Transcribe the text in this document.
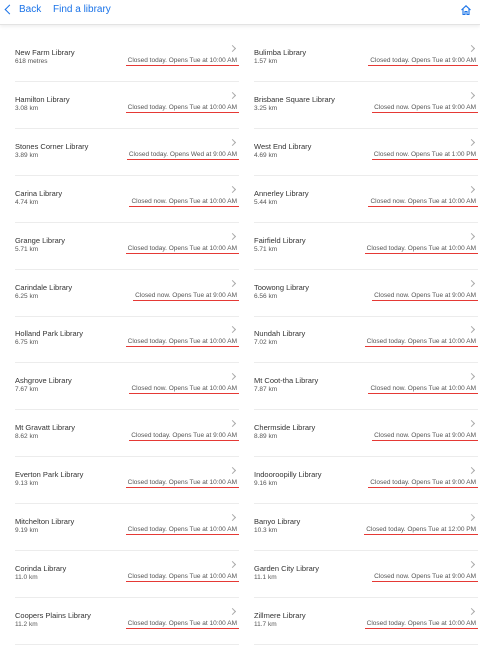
Back Find a library
New Farm Library
618 metres	Closed today. Opens Tue at 10:00 AM
Hamilton Library
3.08 km	Closed today. Opens Tue at 10:00 AM
Stones Corner Library
3.89 km	Closed today. Opens Wed at 9:00 AM
Carina Library
4.74 km	Closed now. Opens Tue at 10:00 AM
Grange Library
5.71 km	Closed today. Opens Tue at 10:00 AM
Carindale Library
6.25 km	Closed now. Opens Tue at 9:00 AM
Holland Park Library
6.75 km	Closed today. Opens Tue at 10:00 AM
Ashgrove Library
7.67 km	Closed now. Opens Tue at 10:00 AM
Mt Gravatt Library
8.62 km	Closed today. Opens Tue at 9:00 AM
Everton Park Library
9.13 km	Closed today. Opens Tue at 10:00 AM
Mitchelton Library
9.19 km	Closed today. Opens Tue at 10:00 AM
Corinda Library
11.0 km	Closed today. Opens Tue at 10:00 AM
Coopers Plains Library
11.2 km	Closed today. Opens Tue at 10:00 AM
Bulimba Library
1.57 km	Closed today. Opens Tue at 9:00 AM
Brisbane Square Library
3.25 km	Closed now. Opens Tue at 9:00 AM
West End Library
4.69 km	Closed now. Opens Tue at 1:00 PM
Annerley Library
5.44 km	Closed now. Opens Tue at 10:00 AM
Fairfield Library
5.71 km	Closed today. Opens Tue at 10:00 AM
Toowong Library
6.56 km	Closed now. Opens Tue at 9:00 AM
Nundah Library
7.02 km	Closed today. Opens Tue at 10:00 AM
Mt Coot-tha Library
7.87 km	Closed now. Opens Tue at 10:00 AM
Chermside Library
8.89 km	Closed now. Opens Tue at 9:00 AM
Indooroopilly Library
9.16 km	Closed today. Opens Tue at 9:00 AM
Banyo Library
10.3 km	Closed today. Opens Tue at 12:00 PM
Garden City Library
11.1 km	Closed now. Opens Tue at 9:00 AM
Zillmere Library
11.7 km	Closed today. Opens Tue at 10:00 AM
